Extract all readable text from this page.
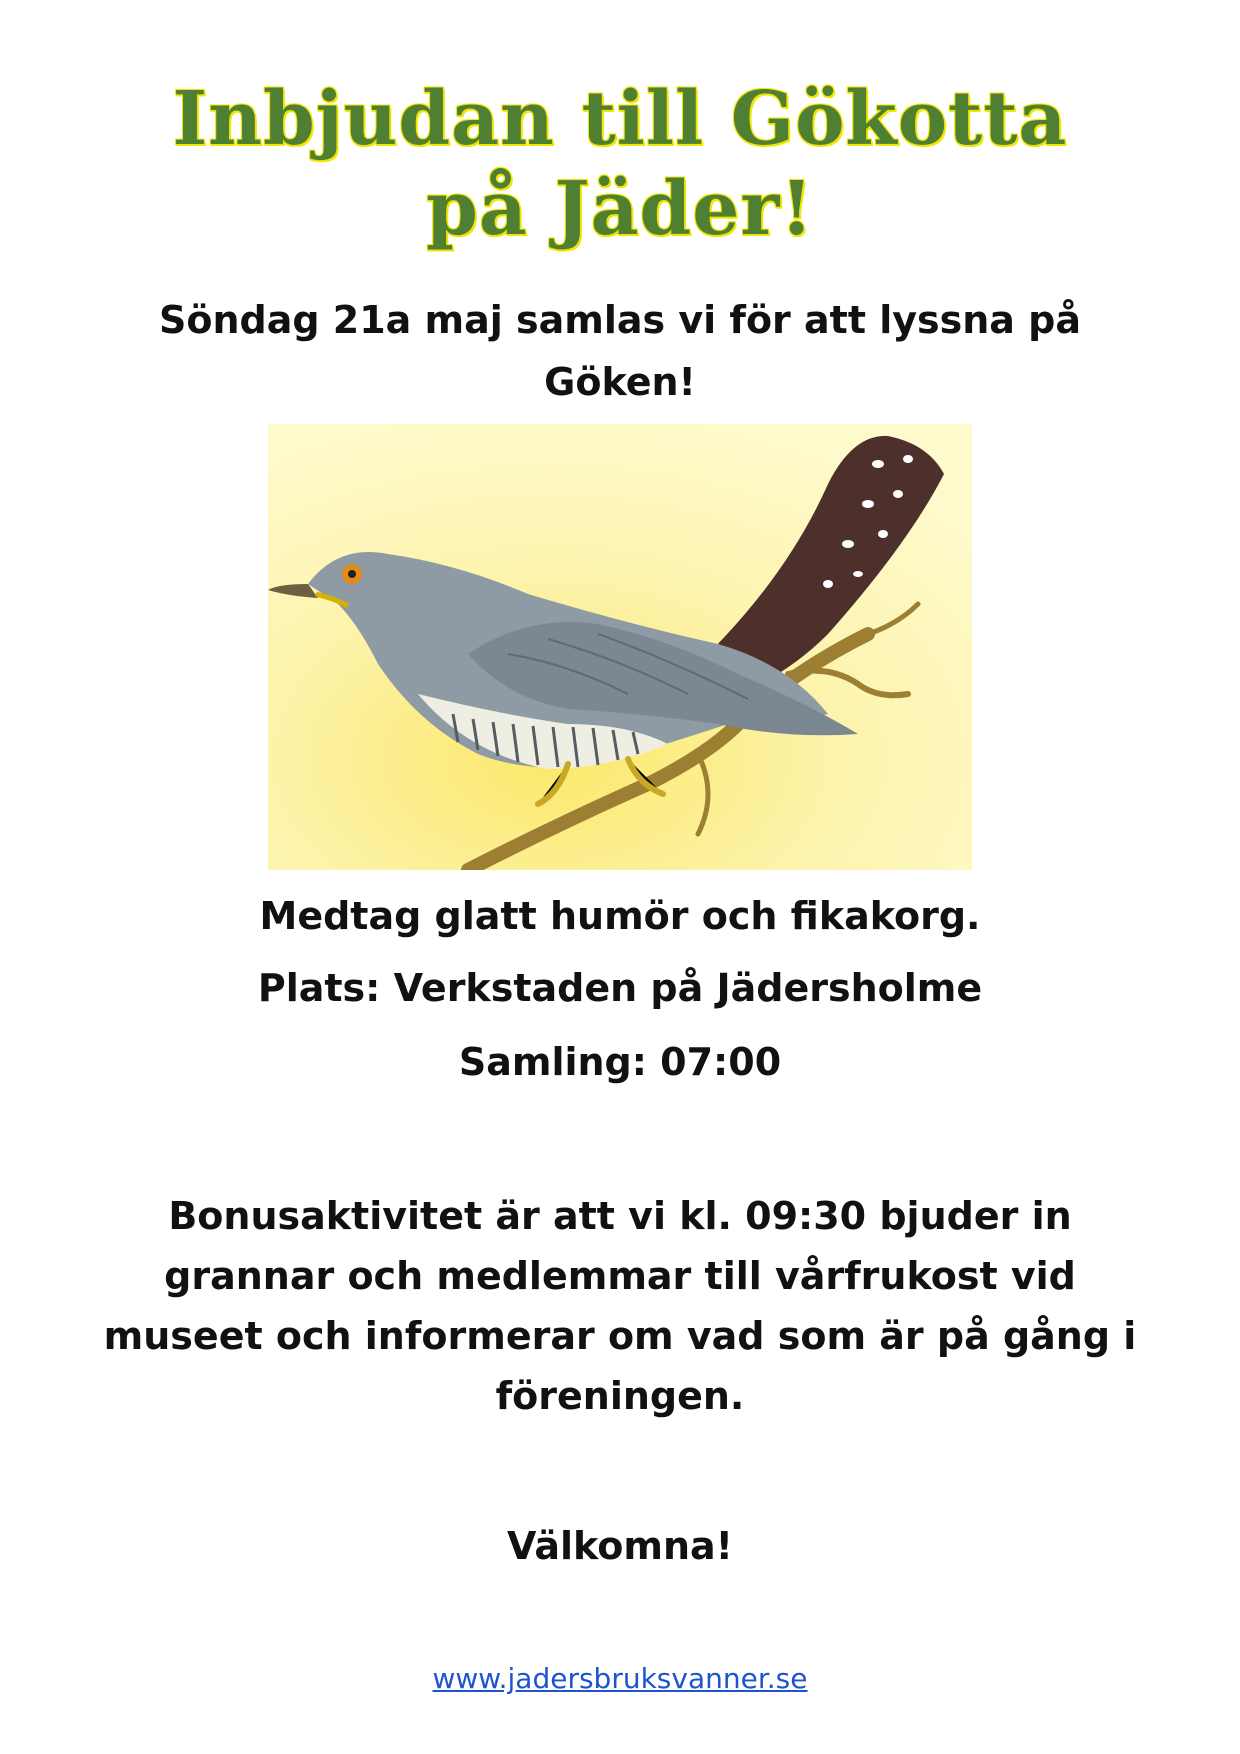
Inbjudan till Gökotta
på Jäder!

Söndag 21a maj samlas vi för att lyssna på

Göken!

Medtag glatt humör och fikakorg.

Plats: Verkstaden på Jädersholme

Samling: 07:00

Bonusaktivitet är att vi kl. 09:30 bjuder in

grannar och medlemmar till vårfrukost vid

museet och informerar om vad som är på gång i

föreningen.

Välkomna!

www.jadersbruksvanner.se
